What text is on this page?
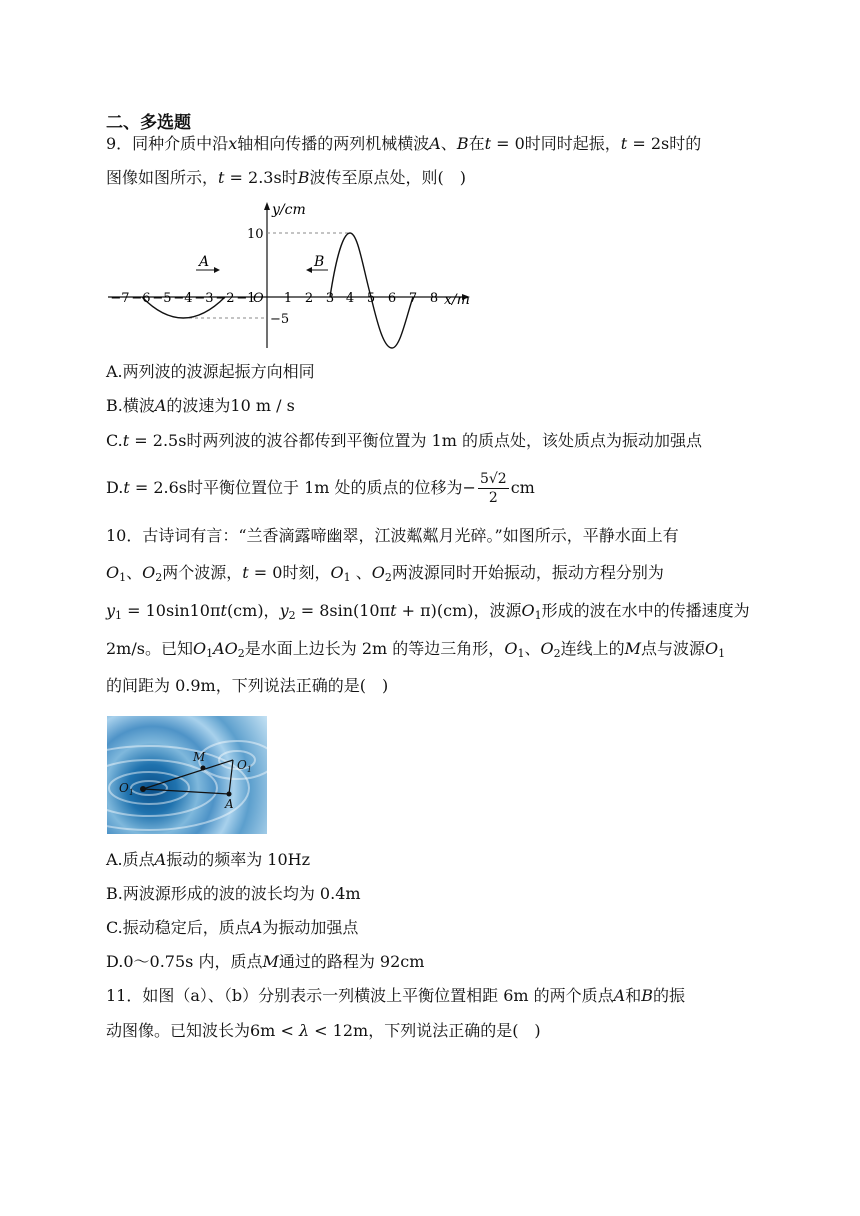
二、多选题
9．同种介质中沿x轴相向传播的两列机械横波A、B在t = 0时同时起振，t = 2s时的
图像如图所示，t = 2.3s时B波传至原点处，则(　)
A	B
y/cm
x/m
O
10
−5
−7 −6 −5 −4 −3 −2 −1 1 2 3 4 5 6 7 8
A.两列波的波源起振方向相同
B.横波A的波速为10 m / s
C.t = 2.5s时两列波的波谷都传到平衡位置为 1m 的质点处，该处质点为振动加强点
D.t = 2.6s时平衡位置位于 1m 处的质点的位移为− $\frac{5√2}{2}$ cm
10．古诗词有言：“兰香滴露啼幽翠，江波粼粼月光碎。”如图所示，平静水面上有
$O_1$、$O_2$两个波源，t = 0时刻，$O_1$ 、$O_2$两波源同时开始振动，振动方程分别为
$y_1 = 10\sin 10\pi t(cm)$，$y_2 = 8\sin(10\pi t + \pi)(cm)$，波源$O_1$形成的波在水中的传播速度为
2m/s。已知$O_1AO_2$是水面上边长为 2m 的等边三角形，$O_1$、$O_2$连线上的M点与波源$O_1$
的间距为 0.9m，下列说法正确的是(　)
M
$O_1$
$O_1$
A
A.质点A振动的频率为 10Hz
B.两波源形成的波的波长均为 0.4m
C.振动稳定后，质点A为振动加强点
D.0～0.75s 内，质点M通过的路程为 92cm
11．如图（a）、（b）分别表示一列横波上平衡位置相距 6m 的两个质点A和B的振
动图像。已知波长为6m < λ < 12m，下列说法正确的是(　)
